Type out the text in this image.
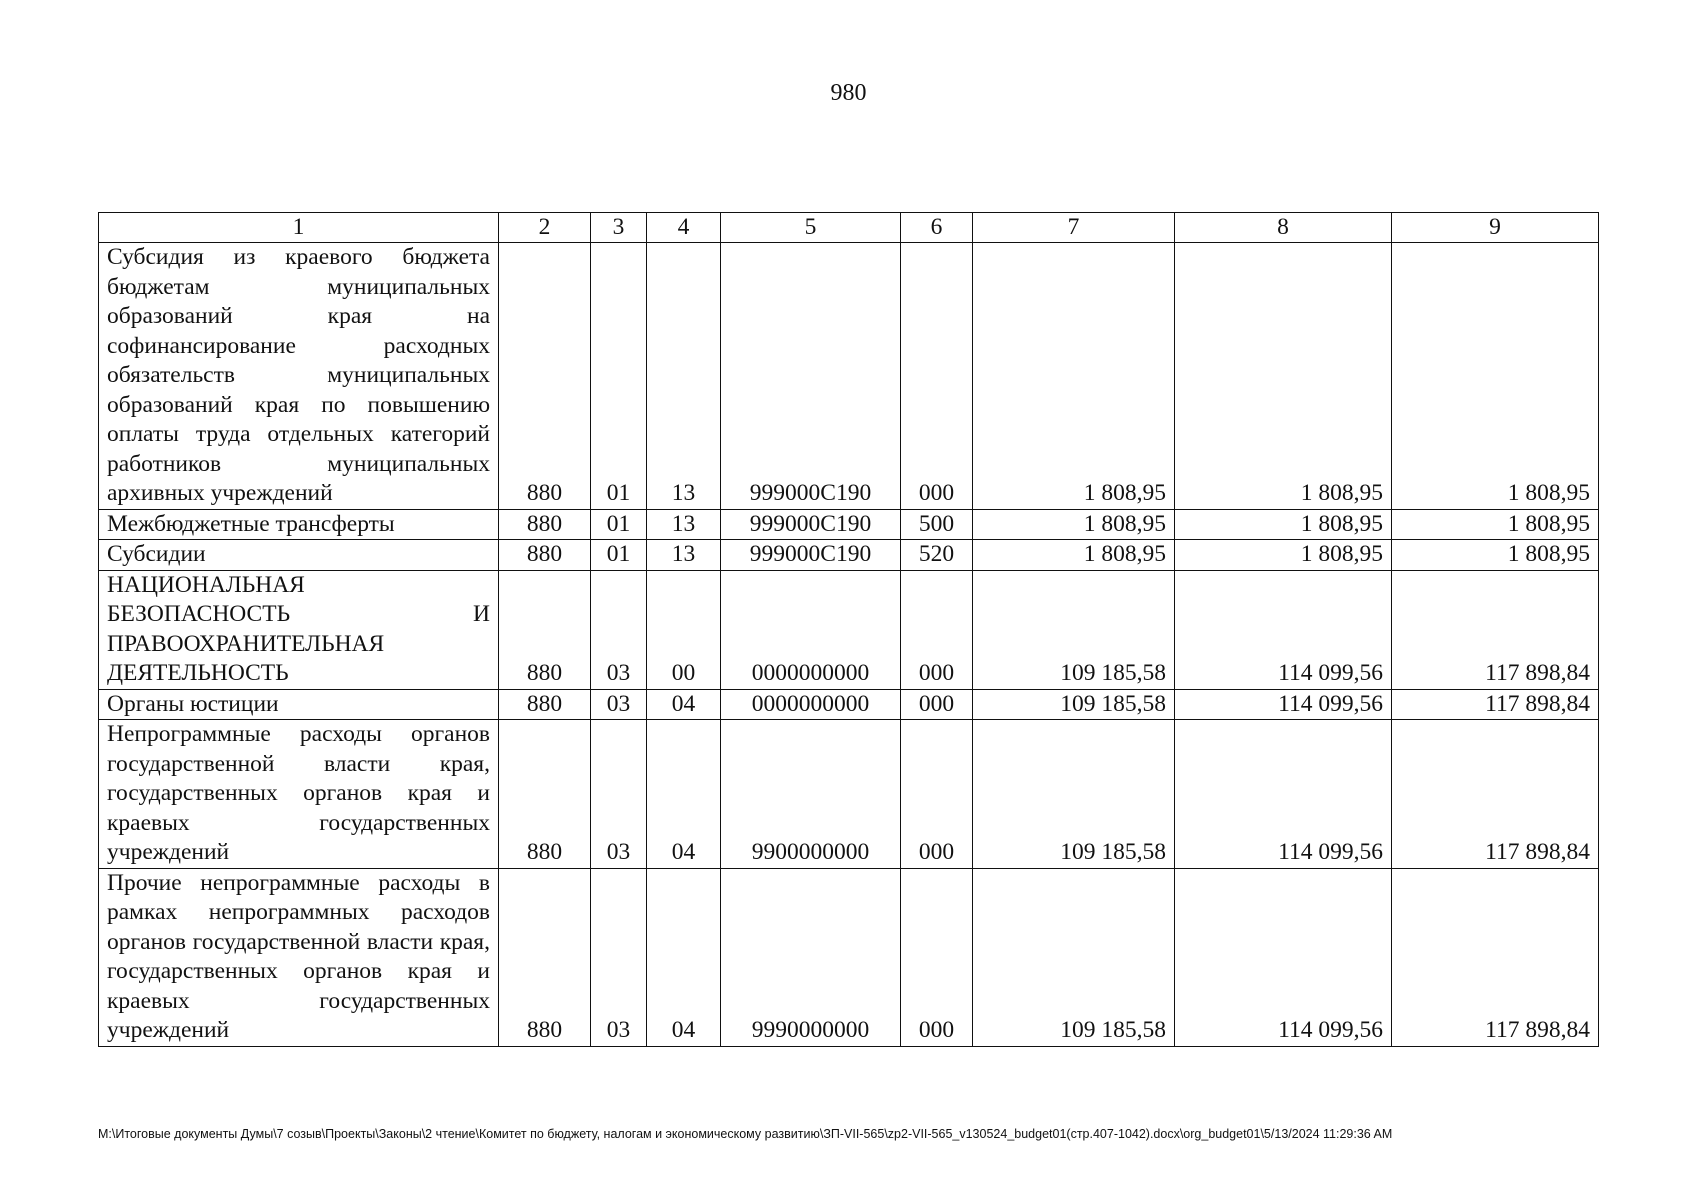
980
1	2	3	4	5	6	7	8	9
Субсидия из краевого бюджета бюджетам муниципальных образований края на софинансирование расходных обязательств муниципальных образований края по повышению оплаты труда отдельных категорий работников муниципальных архивных учреждений	880	01	13	999000С190	000	1 808,95	1 808,95	1 808,95
Межбюджетные трансферты	880	01	13	999000С190	500	1 808,95	1 808,95	1 808,95
Субсидии	880	01	13	999000С190	520	1 808,95	1 808,95	1 808,95
НАЦИОНАЛЬНАЯ БЕЗОПАСНОСТЬ И ПРАВООХРАНИТЕЛЬНАЯ ДЕЯТЕЛЬНОСТЬ	880	03	00	0000000000	000	109 185,58	114 099,56	117 898,84
Органы юстиции	880	03	04	0000000000	000	109 185,58	114 099,56	117 898,84
Непрограммные расходы органов государственной власти края, государственных органов края и краевых государственных учреждений	880	03	04	9900000000	000	109 185,58	114 099,56	117 898,84
Прочие непрограммные расходы в рамках непрограммных расходов органов государственной власти края, государственных органов края и краевых государственных учреждений	880	03	04	9990000000	000	109 185,58	114 099,56	117 898,84
M:\Итоговые документы Думы\7 созыв\Проекты\Законы\2 чтение\Комитет по бюджету, налогам и экономическому развитию\ЗП-VII-565\zp2-VII-565_v130524_budget01(стр.407-1042).docx\org_budget01\5/13/2024 11:29:36 AM
